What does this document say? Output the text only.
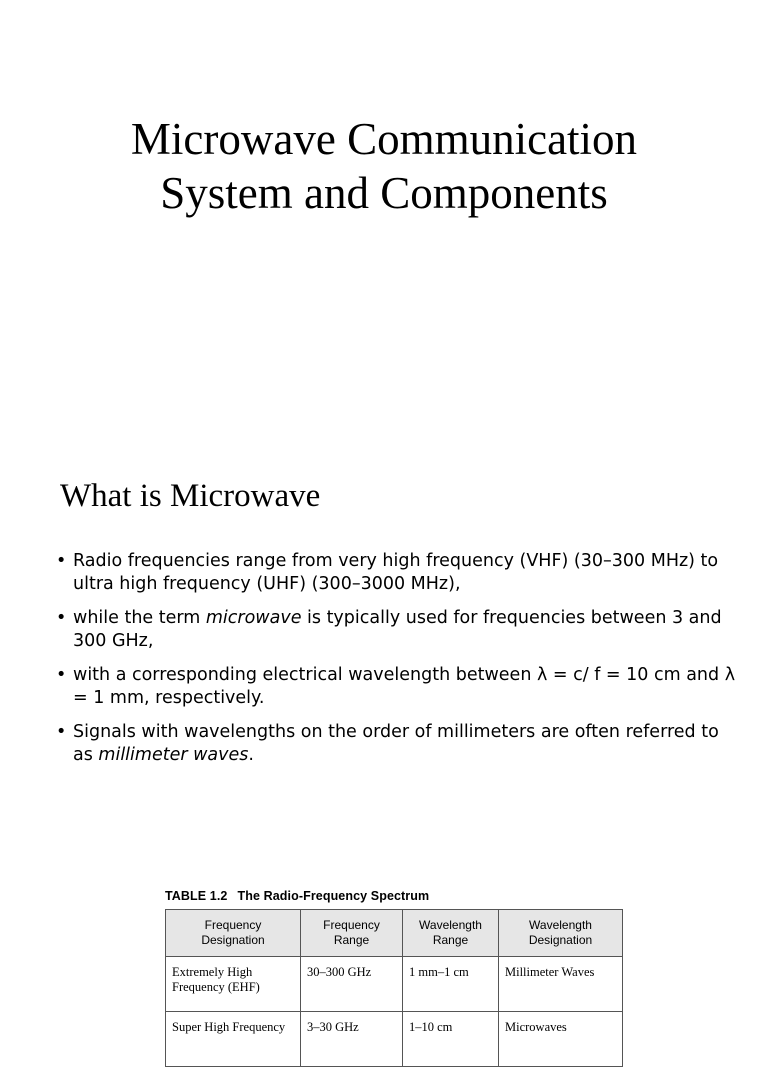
Microwave Communication
System and Components
What is Microwave
• Radio frequencies range from very high frequency (VHF) (30–300 MHz) to ultra high frequency (UHF) (300–3000 MHz),
• while the term microwave is typically used for frequencies between 3 and 300 GHz,
• with a corresponding electrical wavelength between λ = c/ f = 10 cm and λ = 1 mm, respectively.
• Signals with wavelengths on the order of millimeters are often referred to as millimeter waves.
TABLE 1.2 The Radio-Frequency Spectrum
Frequency Designation	Frequency Range	Wavelength Range	Wavelength Designation
Extremely High Frequency (EHF)	30–300 GHz	1 mm–1 cm	Millimeter Waves
Super High Frequency	3–30 GHz	1–10 cm	Microwaves
